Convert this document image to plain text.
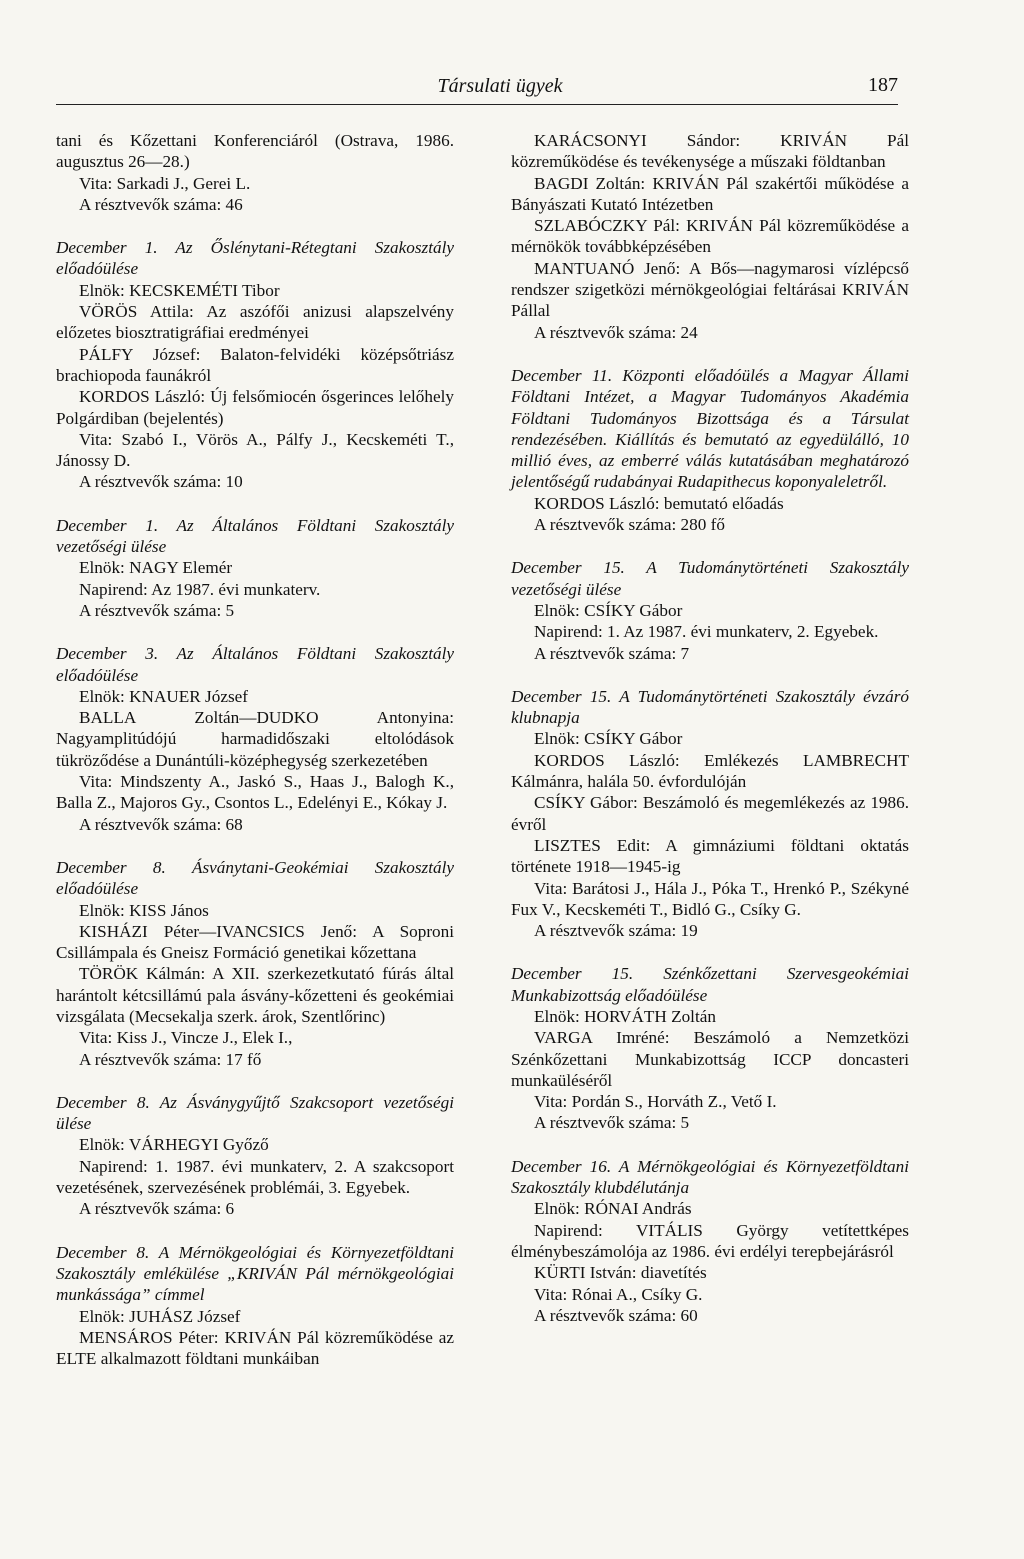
Társulati ügyek	187

tani és Kőzettani Konferenciáról (Ostrava, 1986. augusztus 26—28.)

Vita: Sarkadi J., Gerei L.

A résztvevők száma: 46

December 1. Az Őslénytani-Rétegtani Szakosztály előadóülése

Elnök: KECSKEMÉTI Tibor

VÖRÖS Attila: Az aszófői anizusi alapszelvény előzetes biosztratigráfiai eredményei

PÁLFY József: Balaton-felvidéki középsőtriász brachiopoda faunákról

KORDOS László: Új felsőmiocén ősgerinces lelőhely Polgárdiban (bejelentés)

Vita: Szabó I., Vörös A., Pálfy J., Kecskeméti T., Jánossy D.

A résztvevők száma: 10

December 1. Az Általános Földtani Szakosztály vezetőségi ülése

Elnök: NAGY Elemér

Napirend: Az 1987. évi munkaterv.

A résztvevők száma: 5

December 3. Az Általános Földtani Szakosztály előadóülése

Elnök: KNAUER József

BALLA Zoltán—DUDKO Antonyina: Nagyamplitúdójú harmadidőszaki eltolódások tükröződése a Dunántúli-középhegység szerkezetében

Vita: Mindszenty A., Jaskó S., Haas J., Balogh K., Balla Z., Majoros Gy., Csontos L., Edelényi E., Kókay J.

A résztvevők száma: 68

December 8. Ásványtani-Geokémiai Szakosztály előadóülése

Elnök: KISS János

KISHÁZI Péter—IVANCSICS Jenő: A Soproni Csillámpala és Gneisz Formáció genetikai kőzettana

TÖRÖK Kálmán: A XII. szerkezetkutató fúrás által harántolt kétcsillámú pala ásvány-kőzetteni és geokémiai vizsgálata (Mecsekalja szerk. árok, Szentlőrinc)

Vita: Kiss J., Vincze J., Elek I.,

A résztvevők száma: 17 fő

December 8. Az Ásványgyűjtő Szakcsoport vezetőségi ülése

Elnök: VÁRHEGYI Győző

Napirend: 1. 1987. évi munkaterv, 2. A szakcsoport vezetésének, szervezésének problémái, 3. Egyebek.

A résztvevők száma: 6

December 8. A Mérnökgeológiai és Környezetföldtani Szakosztály emlékülése „KRIVÁN Pál mérnökgeológiai munkássága” címmel

Elnök: JUHÁSZ József

MENSÁROS Péter: KRIVÁN Pál közreműködése az ELTE alkalmazott földtani munkáiban

KARÁCSONYI Sándor: KRIVÁN Pál közreműködése és tevékenysége a műszaki földtanban

BAGDI Zoltán: KRIVÁN Pál szakértői működése a Bányászati Kutató Intézetben

SZLABÓCZKY Pál: KRIVÁN Pál közreműködése a mérnökök továbbképzésében

MANTUANÓ Jenő: A Bős—nagymarosi vízlépcső rendszer szigetközi mérnökgeológiai feltárásai KRIVÁN Pállal

A résztvevők száma: 24

December 11. Központi előadóülés a Magyar Állami Földtani Intézet, a Magyar Tudományos Akadémia Földtani Tudományos Bizottsága és a Társulat rendezésében. Kiállítás és bemutató az egyedülálló, 10 millió éves, az emberré válás kutatásában meghatározó jelentőségű rudabányai Rudapithecus koponyaleletről.

KORDOS László: bemutató előadás

A résztvevők száma: 280 fő

December 15. A Tudománytörténeti Szakosztály vezetőségi ülése

Elnök: CSÍKY Gábor

Napirend: 1. Az 1987. évi munkaterv, 2. Egyebek.

A résztvevők száma: 7

December 15. A Tudománytörténeti Szakosztály évzáró klubnapja

Elnök: CSÍKY Gábor

KORDOS László: Emlékezés LAMBRECHT Kálmánra, halála 50. évfordulóján

CSÍKY Gábor: Beszámoló és megemlékezés az 1986. évről

LISZTES Edit: A gimnáziumi földtani oktatás története 1918—1945-ig

Vita: Barátosi J., Hála J., Póka T., Hrenkó P., Székyné Fux V., Kecskeméti T., Bidló G., Csíky G.

A résztvevők száma: 19

December 15. Szénkőzettani Szervesgeokémiai Munkabizottság előadóülése

Elnök: HORVÁTH Zoltán

VARGA Imréné: Beszámoló a Nemzetközi Szénkőzettani Munkabizottság ICCP doncasteri munkaüléséről

Vita: Pordán S., Horváth Z., Vető I.

A résztvevők száma: 5

December 16. A Mérnökgeológiai és Környezetföldtani Szakosztály klubdélutánja

Elnök: RÓNAI András

Napirend: VITÁLIS György vetítettképes élménybeszámolója az 1986. évi erdélyi terepbejárásról

KÜRTI István: diavetítés

Vita: Rónai A., Csíky G.

A résztvevők száma: 60
